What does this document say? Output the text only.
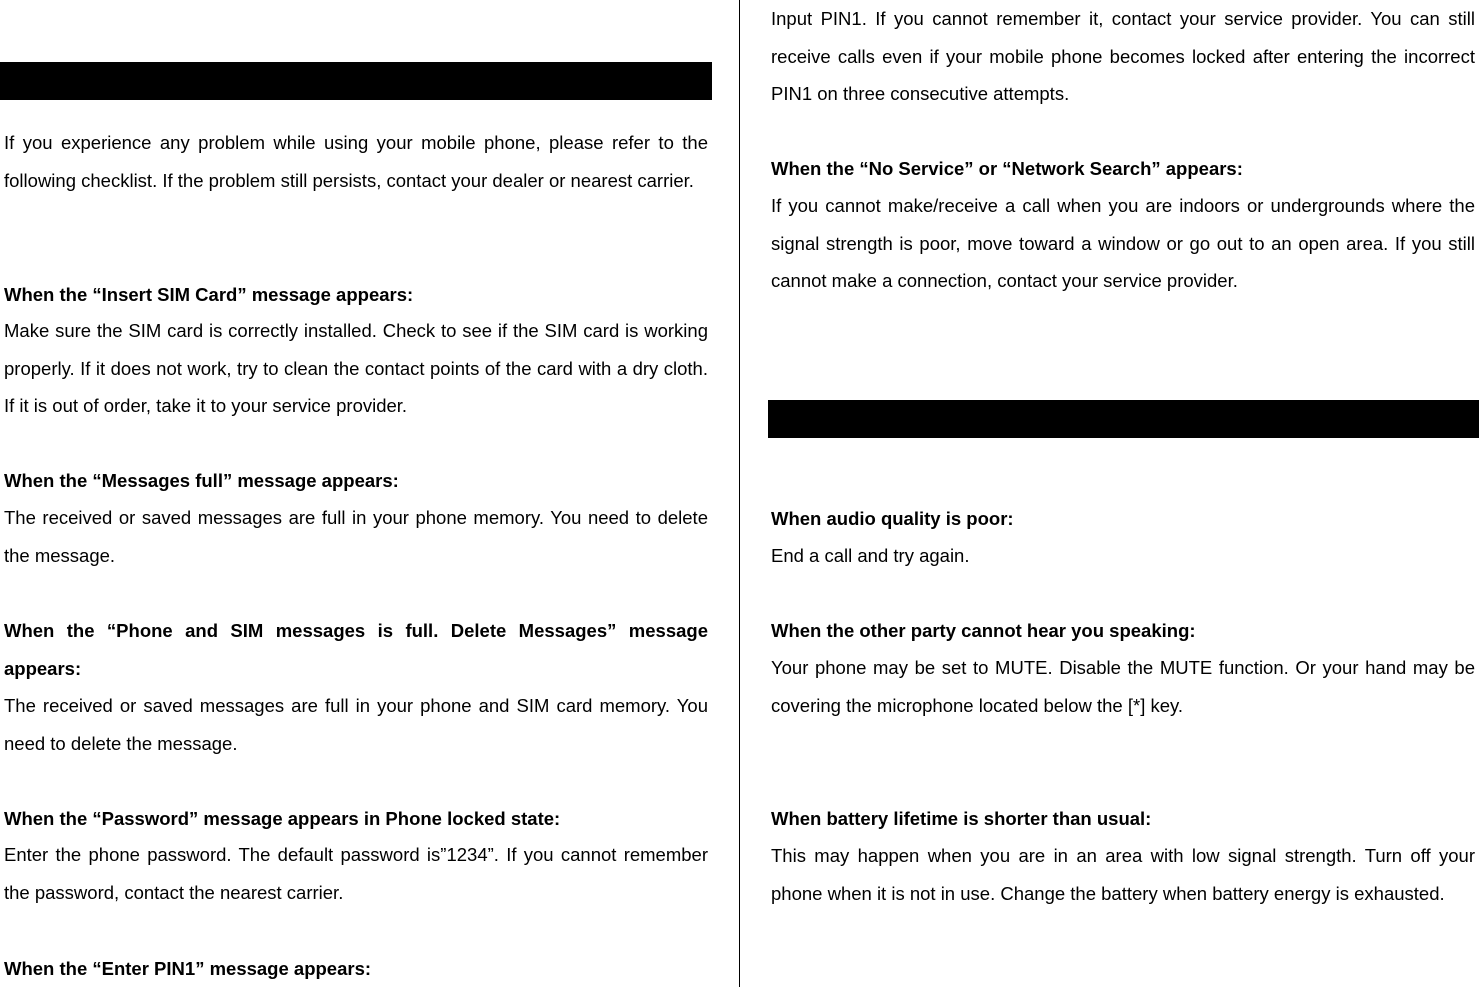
If you experience any problem while using your mobile phone, please refer to the following checklist. If the problem still persists, contact your dealer or nearest carrier.

When the “Insert SIM Card” message appears:

Make sure the SIM card is correctly installed. Check to see if the SIM card is working properly. If it does not work, try to clean the contact points of the card with a dry cloth. If it is out of order, take it to your service provider.

When the “Messages full” message appears:

The received or saved messages are full in your phone memory. You need to delete the message.

When the “Phone and SIM messages is full. Delete Messages” message appears:

The received or saved messages are full in your phone and SIM card memory. You need to delete the message.

When the “Password” message appears in Phone locked state:

Enter the phone password. The default password is”1234”. If you cannot remember the password, contact the nearest carrier.

When the “Enter PIN1” message appears:

Input PIN1. If you cannot remember it, contact your service provider. You can still receive calls even if your mobile phone becomes locked after entering the incorrect PIN1 on three consecutive attempts.

When the “No Service” or “Network Search” appears:

If you cannot make/receive a call when you are indoors or undergrounds where the signal strength is poor, move toward a window or go out to an open area. If you still cannot make a connection, contact your service provider.

When audio quality is poor:

End a call and try again.

When the other party cannot hear you speaking:

Your phone may be set to MUTE. Disable the MUTE function. Or your hand may be covering the microphone located below the [*] key.

When battery lifetime is shorter than usual:

This may happen when you are in an area with low signal strength. Turn off your phone when it is not in use. Change the battery when battery energy is exhausted.
